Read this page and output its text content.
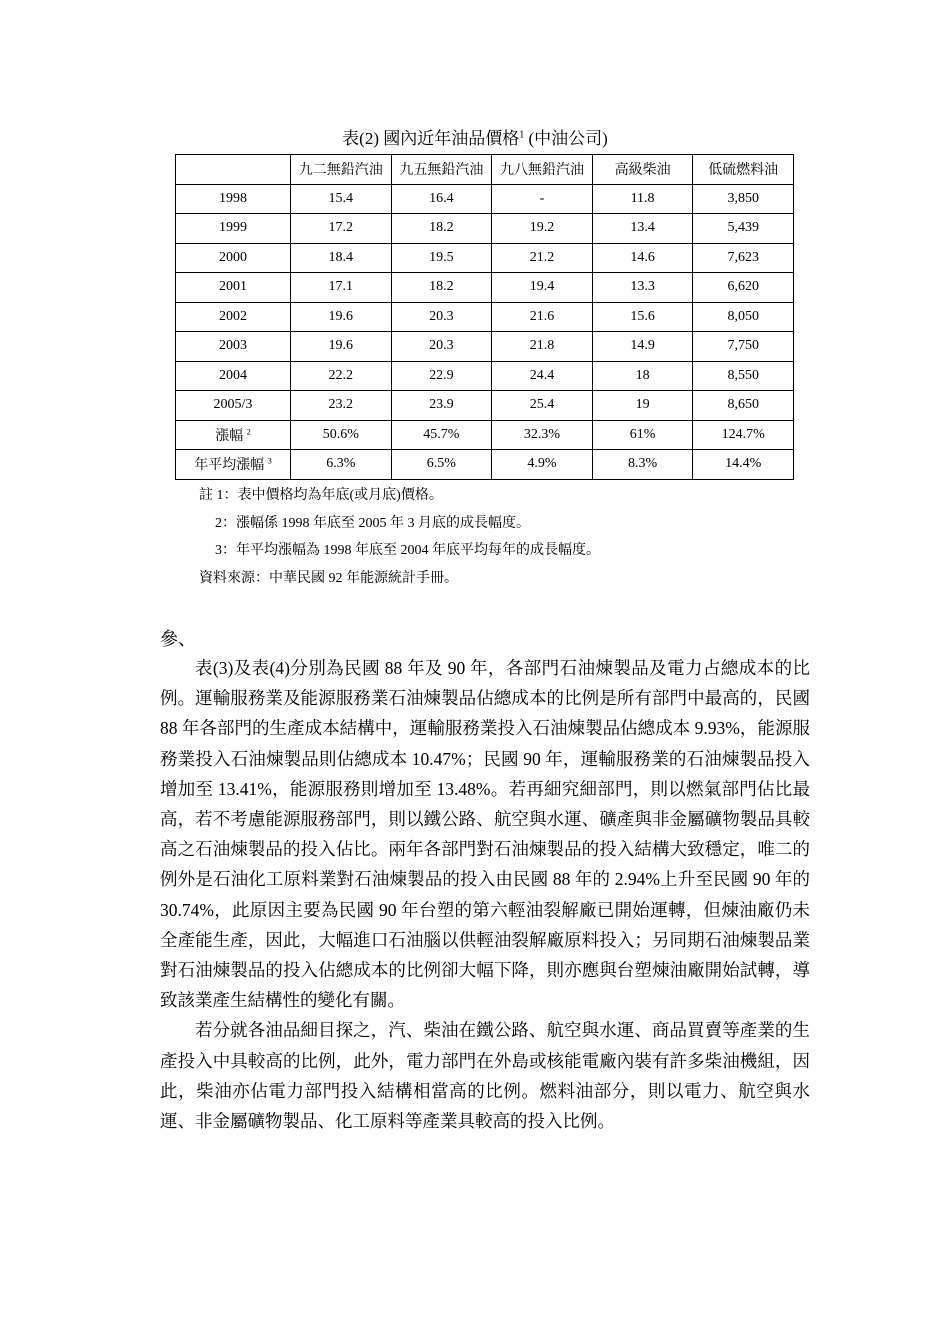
表(2) 國內近年油品價格$^1$ (中油公司)
	九二無鉛汽油	九五無鉛汽油	九八無鉛汽油	高級柴油	低硫燃料油
1998	15.4	16.4	-	11.8	3,850
1999	17.2	18.2	19.2	13.4	5,439
2000	18.4	19.5	21.2	14.6	7,623
2001	17.1	18.2	19.4	13.3	6,620
2002	19.6	20.3	21.6	15.6	8,050
2003	19.6	20.3	21.8	14.9	7,750
2004	22.2	22.9	24.4	18	8,550
2005/3	23.2	23.9	25.4	19	8,650
漲幅 $^2$	50.6%	45.7%	32.3%	61%	124.7%
年平均漲幅 $^3$	6.3%	6.5%	4.9%	8.3%	14.4%
註 1：表中價格均為年底(或月底)價格。
2：漲幅係 1998 年底至 2005 年 3 月底的成長幅度。
3：年平均漲幅為 1998 年底至 2004 年底平均每年的成長幅度。
資料來源：中華民國 92 年能源統計手冊。
參、

表(3)及表(4)分別為民國 88 年及 90 年，各部門石油煉製品及電力占總成本的比例。運輸服務業及能源服務業石油煉製品佔總成本的比例是所有部門中最高的，民國 88 年各部門的生產成本結構中，運輸服務業投入石油煉製品佔總成本 9.93%，能源服務業投入石油煉製品則佔總成本 10.47%；民國 90 年，運輸服務業的石油煉製品投入增加至 13.41%，能源服務則增加至 13.48%。若再細究細部門，則以燃氣部門佔比最高，若不考慮能源服務部門，則以鐵公路、航空與水運、礦產與非金屬礦物製品具較高之石油煉製品的投入佔比。兩年各部門對石油煉製品的投入結構大致穩定，唯二的例外是石油化工原料業對石油煉製品的投入由民國 88 年的 2.94%上升至民國 90 年的 30.74%，此原因主要為民國 90 年台塑的第六輕油裂解廠已開始運轉，但煉油廠仍未全產能生產，因此，大幅進口石油腦以供輕油裂解廠原料投入；另同期石油煉製品業對石油煉製品的投入佔總成本的比例卻大幅下降，則亦應與台塑煉油廠開始試轉，導致該業產生結構性的變化有關。

若分就各油品細目探之，汽、柴油在鐵公路、航空與水運、商品買賣等產業的生產投入中具較高的比例，此外，電力部門在外島或核能電廠內裝有許多柴油機組，因此，柴油亦佔電力部門投入結構相當高的比例。燃料油部分，則以電力、航空與水運、非金屬礦物製品、化工原料等產業具較高的投入比例。
